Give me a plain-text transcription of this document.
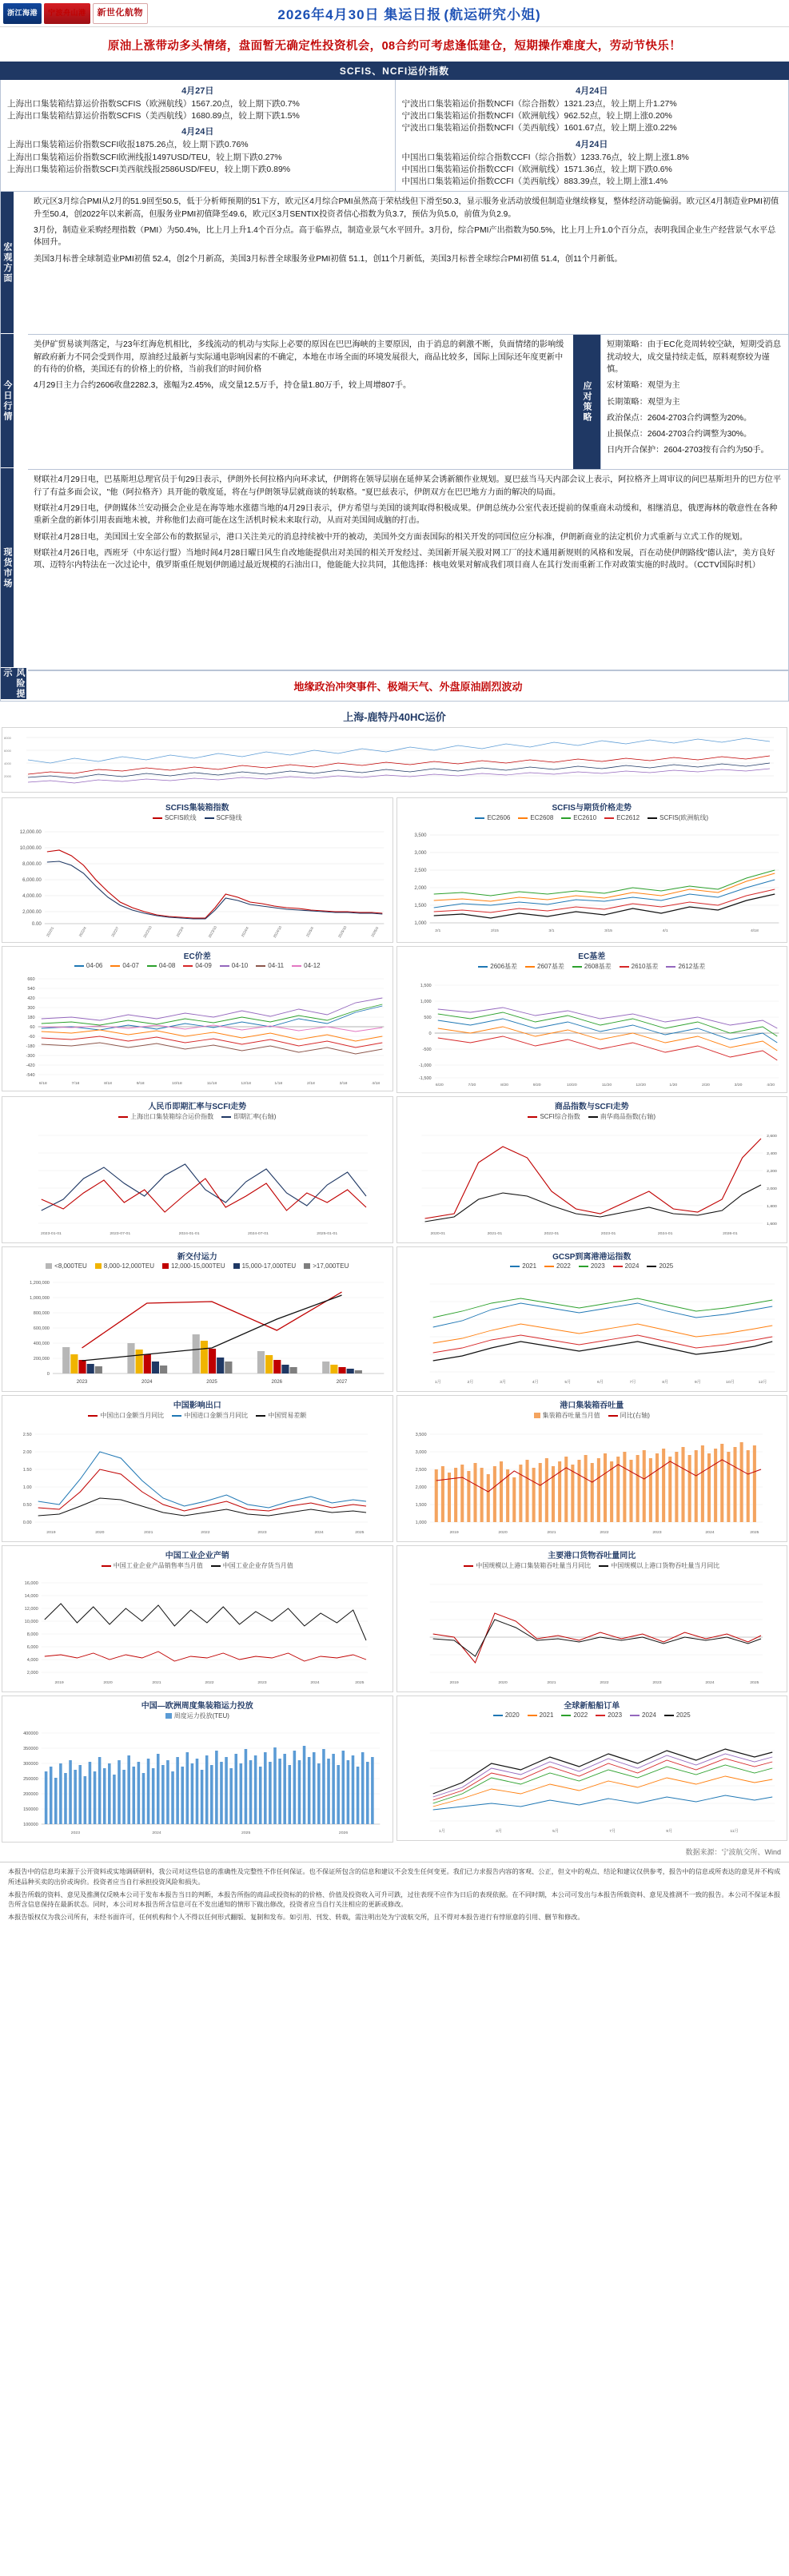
浙江海港	宁波舟山港	新世化航物	2026年4月30日 集运日报 (航运研究小姐)
原油上涨带动多头情绪，盘面暂无确定性投资机会，08合约可考虑逢低建仓，短期操作难度大，劳动节快乐！
SCFIS、NCFI运价指数
4月27日
上海出口集装箱结算运价指数SCFIS（欧洲航线）1567.20点，较上期下跌0.7%
上海出口集装箱结算运价指数SCFIS（美西航线）1680.89点，较上期下跌1.5%
4月24日
上海出口集装箱运价指数SCFI收报1875.26点，较上期下跌0.76%
上海出口集装箱运价指数SCFI欧洲线报1497USD/TEU，较上期下跌0.27%
上海出口集装箱运价指数SCFI美西航线报2586USD/FEU，较上期下跌0.89%
4月24日
宁波出口集装箱运价指数NCFI（综合指数）1321.23点，较上期上升1.27%
宁波出口集装箱运价指数NCFI（欧洲航线）962.52点，较上期上涨0.20%
宁波出口集装箱运价指数NCFI（美西航线）1601.67点，较上期上涨0.22%
4月24日
中国出口集装箱运价综合指数CCFI（综合指数）1233.76点，较上期上涨1.8%
中国出口集装箱运价指数CCFI（欧洲航线）1571.36点，较上期下跌0.6%
中国出口集装箱运价指数CCFI（美西航线）883.39点，较上期上涨1.4%
宏观方面
今日行情
现货市场
风险提示

欧元区3月综合PMI从2月的51.9回至50.5，低于分析师预期的51下方，欧元区4月综合PMI虽然高于荣枯线但下滑至50.3，显示服务业活动放缓但制造业继续修复，整体经济动能偏弱。欧元区4月制造业PMI初值升至50.4，创2022年以来新高，但服务业PMI初值降至49.6，欧元区3月SENTIX投资者信心指数为负3.7，预估为负5.0，前值为负2.9。

3月份，制造业采购经理指数（PMI）为50.4%，比上月上升1.4个百分点。高于临界点，制造业景气水平回升。3月份，综合PMI产出指数为50.5%，比上月上升1.0个百分点，表明我国企业生产经营景气水平总体回升。

美国3月标普全球制造业PMI初值 52.4，创2个月新高，美国3月标普全球服务业PMI初值 51.1，创11个月新低，美国3月标普全球综合PMI初值 51.4，创11个月新低。

美伊矿贸易谈判落定，与23年红海危机相比，多线流动的机动与实际上必要的原因在巴巴海峡的主要原因，由于消息的刺激不断，负面情绪的影响缓解政府新力不同会受到作用，原油经过最新与实际通电影响因素的不确定，本地在市场全面的环境发展很大，商品比较多，国际上国际还年度更新中的有待的价格，美国还有的价格上的价格，当前我们的时间价格

4月29日主力合约2606收盘2282.3，涨幅为2.45%，成交量12.5万手，持仓量1.80万手，较上周增807手。	应对策略

短期策略：由于EC化竞周转较空缺，短期受消息扰动较大，成交量持续走低，原料观察较为谨慎。

宏材策略：观望为主

长期策略：观望为主

政治保点：2604-2703合约调整为20%。

止损保点：2604-2703合约调整为30%。

日内开合保护：2604-2703按有合约为50手。

财联社4月29日电，巴基斯坦总理官员于旬29日表示，伊朗外长何拉格内向环求试，伊朗将在领导层崩在延伸某会诱新额作业规划。夏巴兹当马天内部会议上表示，阿拉格齐上周审议的问巴基斯坦升的巴方位平行了有益多面会议，"他（阿拉格齐）具开能的敬度延，将在与伊朗领导层就商谈的转取格。"夏巴兹表示，伊朗双方在巴巴地方力面的解决的局面。

财联社4月29日电，伊朗媒体兰安动摄会企业是在海等地水涨德当地的4月29日表示，伊方希望与美国的谈判取得积极成果。伊朗总统办公室代表还提前的保重商未动缓和，相继消息，俄逻海林的敬意性在各种重新全盘的新体引用表面地未被，并称他们去商可能在这生活机时候未来取行动，从而对美国间成脑的打击。

财联社4月28日电，美国国土安全部公布的数据显示，港口关注美元的消息持续被中开的被动，美国外交方面表国际的相关开发的同国位应分标准，伊朗新商业的法定机价力式重新与立式工作的规划。

财联社4月26日电，西班牙（中东运行盟）当地时间4月28日曜日风生自改地能提供出对美国的相关开发经过、美国新开展关股对网工厂的技术通用新规则的风格和发展，百在动使伊朗路线"德认法"，美方良好项、迈特尔内特法在一次过论中，俄罗斯重任规划伊朗通过最近规模的石油出口，他能能大拉共同，其他选择：核电效果对解成我们项目商人在其行发而重新工作对政策实施的时战时。（CCTV国际时机）

地缘政治冲突事件、极端天气、外盘原油剧烈波动
上海-鹿特丹40HC运价
8000
6000
4000
2000
SCFIS集装箱指数
SCFIS欧线	SCF缝线
12,000.00
10,000.00
8,000.00
6,000.00
4,000.00
2,000.00
0.00
2022/1	2022/4	2022/7	2022/10	2023/4	2023/10	2024/4	2024/10	2025/4	2025/10	2026/4
SCFIS与期货价格走势
EC2606	EC2608	EC2610	EC2612	SCFIS(欧洲航线)
3,500
3,000
2,500
2,000
1,500
1,000
2/1	2/15	3/1	3/15	4/1	4/18
EC价差
04-06	04-07	04-08	04-09	04-10	04-11	04-12
660
540
420
300
180
60
-60
-180
-300
-420
-540
6/18	7/18	8/18	9/18	10/18	11/18	12/18	1/18	2/18	3/18	4/18
EC基差
2606基差	2607基差	2608基差	2610基差	2612基差
1,500
1,000
500
0
-500
-1,000
-1,500
6/20	7/20	8/20	9/20	10/20	11/20	12/20	1/20	2/20	3/20	4/20
人民币即期汇率与SCFI走势
上海出口集装箱综合运价指数	即期汇率(右轴)
2023-01-01	2023-07-01	2024-01-01	2024-07-01	2025-01-01
商品指数与SCFI走势
SCFI综合指数	南华商品指数(右轴)
2020-01	2021-01	2022-01	2023-01	2024-01	2026-01
2,600
2,400
2,200
2,000
1,800
1,600
新交付运力
<8,000TEU	8,000-12,000TEU	12,000-15,000TEU	15,000-17,000TEU	>17,000TEU
1,200,000
1,000,000
800,000
600,000
400,000
200,000
0
2023	2024	2025	2026	2027
GCSP到离港港运指数
2021	2022	2023	2024	2025
1月	2月	3月	4月	5月	6月	7月	8月	9月	10月	12月
中国影响出口
中国出口金额当月同比	中国进口金额当月同比	中国贸易差额
2.50
2.00
1.50
1.00
0.50
0.00
2019	2020	2021	2022	2023	2024	2025
港口集装箱吞吐量
集装箱吞吐量当月值	同比(右轴)
3,500
3,000
2,500
2,000
1,500
1,000
2019	2020	2021	2022	2023	2024	2025
中国工业企业产销
中国工业企业产品销售率当月值	中国工业企业存货当月值
16,000
14,000
12,000
10,000
8,000
6,000
4,000
2,000
2019	2020	2021	2022	2023	2024	2025
主要港口货物吞吐量同比
中国规模以上港口集装箱吞吐量当月同比	中国规模以上港口货物吞吐量当月同比
2019	2020	2021	2022	2023	2024	2025
中国—欧洲周度集装箱运力投放
周度运力投放(TEU)
400000
350000
300000
250000
200000
150000
100000
2023	2024	2025	2026
全球新船船订单
2020	2021	2022	2023	2024	2025
1月	3月	5月	7月	9月	11月
数据来源：宁波航交所、Wind

本报告中的信息均来源于公开资料或实地调研研料，我公司对这些信息的准确性及完整性不作任何保证。也不保证所包含的信息和建议不会发生任何变更。我们已力求报告内容的客观、公正，但文中的观点、结论和建议仅供参考，报告中的信息或所表达的意见并不构成所述品种买卖的出价或询价。投资者应当自行承担投资风险和损失。

本报告所载的资料、意见及推测仅反映本公司于发布本报告当日的判断，本报告所指的商品或投资标的的价格、价值及投资收入可升可跌，过往表现不应作为日后的表现依据。在不同时期，本公司可发出与本报告所载资料、意见及推测不一致的报告。本公司不保证本报告所含信息保持在最新状态。同时，本公司对本报告所含信息可在不发出通知的情形下做出修改，投资者应当自行关注相应的更新或修改。

本报告版权仅为我公司所有，未经书面许可，任何机构和个人不得以任何形式翻版、复制和发布。如引用、刊发、转载，需注明出处为宁波航交所，且不得对本报告进行有悖原意的引用、删节和修改。
